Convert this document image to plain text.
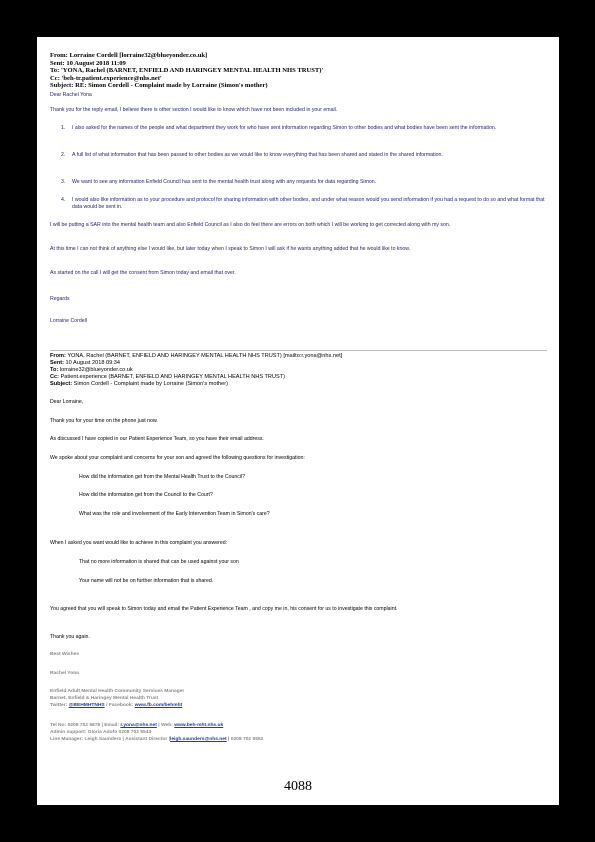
From: Lorraine Cordell [lorraine32@blueyonder.co.uk]
Sent: 10 August 2018 11:09
To: 'YONA, Rachel (BARNET, ENFIELD AND HARINGEY MENTAL HEALTH NHS TRUST)'
Cc: 'beh-tr.patient.experience@nhs.net'
Subject: RE: Simon Cordell - Complaint made by Lorraine (Simon's mother)
Dear Rachel Yona
Thank you for the reply email, I believe there is other section I would like to know which have not been included in your email.
1. I also asked for the names of the people and what department they work for who have sent information regarding Simon to other bodies and what bodies have been sent the information.
2. A full list of what information that has been passed to other bodies as we would like to know everything that has been shared and stated in the shared information.
3. We want to see any information Enfield Council has sent to the mental health trust along with any requests for data regarding Simon.
4. I would also like information as to your procedure and protocol for sharing information with other bodies, and under what reason would you send information if you had a request to do so and what format that data would be sent in.
I will be putting a SAR into the mental health team and also Enfield Council as I also do feel there are errors on both which I will be working to get corrected along with my son.
At this time I can not think of anything else I would like, but later today when I speak to Simon I will ask if he wants anything added that he would like to know.
As started on the call I will get the consent from Simon today and email that over.
Regards
Lorraine Cordell
From: YONA, Rachel (BARNET, ENFIELD AND HARINGEY MENTAL HEALTH NHS TRUST) [mailto:r.yona@nhs.net]
Sent: 10 August 2018 09:34
To: lorraine32@blueyonder.co.uk
Cc: Patient.experience (BARNET, ENFIELD AND HARINGEY MENTAL HEALTH NHS TRUST)
Subject: Simon Cordell - Complaint made by Lorraine (Simon's mother)
Dear Lorraine,
Thank you for your time on the phone just now.
As discussed I have copied in our Patient Experience Team, so you have their email address.
We spoke about your complaint and concerns for your son and agreed the following questions for investigation:
How did the information get from the Mental Health Trust to the Council?
How did the information get from the Council to the Court?
What was the role and involvement of the Early Intervention Team in Simon's care?
When I asked you want would like to achieve in this complaint you answered:
That no more information is shared that can be used against your son
Your name will not be on further information that is shared.
You agreed that you will speak to Simon today and email the Patient Experience Team , and copy me in, his consent for us to investigate this complaint.
Thank you again.
Best Wishes
Rachel Yona
Enfield Adult Mental Health Community Services Manager
Barnet, Enfield & Haringey Mental Health Trust
Twitter: @BEHMHTNHS / Facebook: www.fb.com/behmht
Tel No: 0208 702 5878 | Email: r.yona@nhs.net | Web: www.beh-mht.nhs.uk
Admin support: Gloria Adofo 0208 702 5543
Line Manager: Leigh Saunders | Assistant Director |leigh.saunders@nhs.net | 0208 702 5552
4088
